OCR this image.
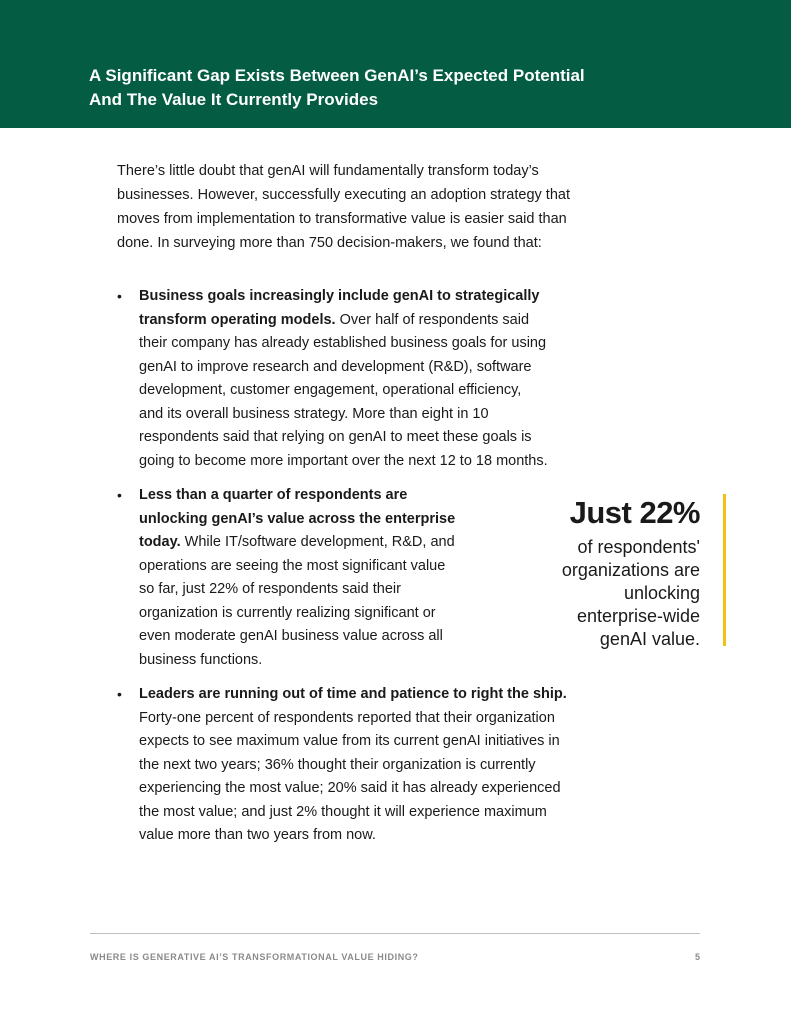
A Significant Gap Exists Between GenAI’s Expected Potential And The Value It Currently Provides

There’s little doubt that genAI will fundamentally transform today’s businesses. However, successfully executing an adoption strategy that moves from implementation to transformative value is easier said than done. In surveying more than 750 decision-makers, we found that:

• Business goals increasingly include genAI to strategically transform operating models. Over half of respondents said their company has already established business goals for using genAI to improve research and development (R&D), software development, customer engagement, operational efficiency, and its overall business strategy. More than eight in 10 respondents said that relying on genAI to meet these goals is going to become more important over the next 12 to 18 months.
• Less than a quarter of respondents are unlocking genAI’s value across the enterprise today. While IT/software development, R&D, and operations are seeing the most significant value so far, just 22% of respondents said their organization is currently realizing significant or even moderate genAI business value across all business functions.
• Leaders are running out of time and patience to right the ship. Forty-one percent of respondents reported that their organization expects to see maximum value from its current genAI initiatives in the next two years; 36% thought their organization is currently experiencing the most value; 20% said it has already experienced the most value; and just 2% thought it will experience maximum value more than two years from now.
Just 22%
of respondents' organizations are unlocking enterprise-wide genAI value.
WHERE IS GENERATIVE AI’S TRANSFORMATIONAL VALUE HIDING?	5
